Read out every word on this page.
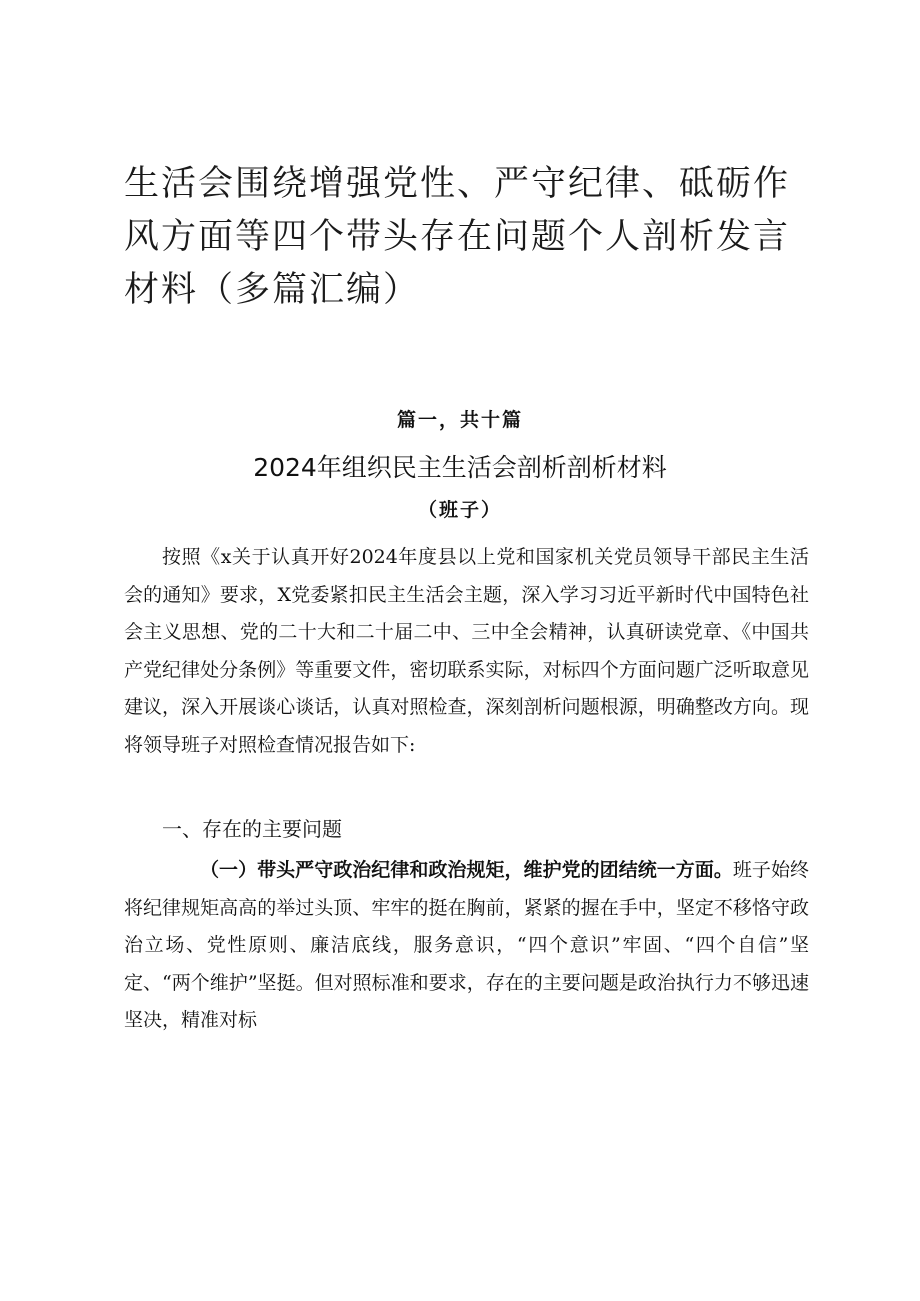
生活会围绕增强党性、严守纪律、砥砺作风方面等四个带头存在问题个人剖析发言材料（多篇汇编）

篇一，共十篇

2024年组织民主生活会剖析剖析材料

（班子）

按照《x关于认真开好2024年度县以上党和国家机关党员领导干部民主生活会的通知》要求，X党委紧扣民主生活会主题，深入学习习近平新时代中国特色社会主义思想、党的二十大和二十届二中、三中全会精神，认真研读党章、《中国共产党纪律处分条例》等重要文件，密切联系实际，对标四个方面问题广泛听取意见建议，深入开展谈心谈话，认真对照检查，深刻剖析问题根源，明确整改方向。现将领导班子对照检查情况报告如下:

一、存在的主要问题

（一）带头严守政治纪律和政治规矩，维护党的团结统一方面。班子始终将纪律规矩高高的举过头顶、牢牢的挺在胸前，紧紧的握在手中，坚定不移恪守政治立场、党性原则、廉洁底线，服务意识，“四个意识”牢固、“四个自信”坚定、“两个维护”坚挺。但对照标准和要求，存在的主要问题是政治执行力不够迅速坚决，精准对标
